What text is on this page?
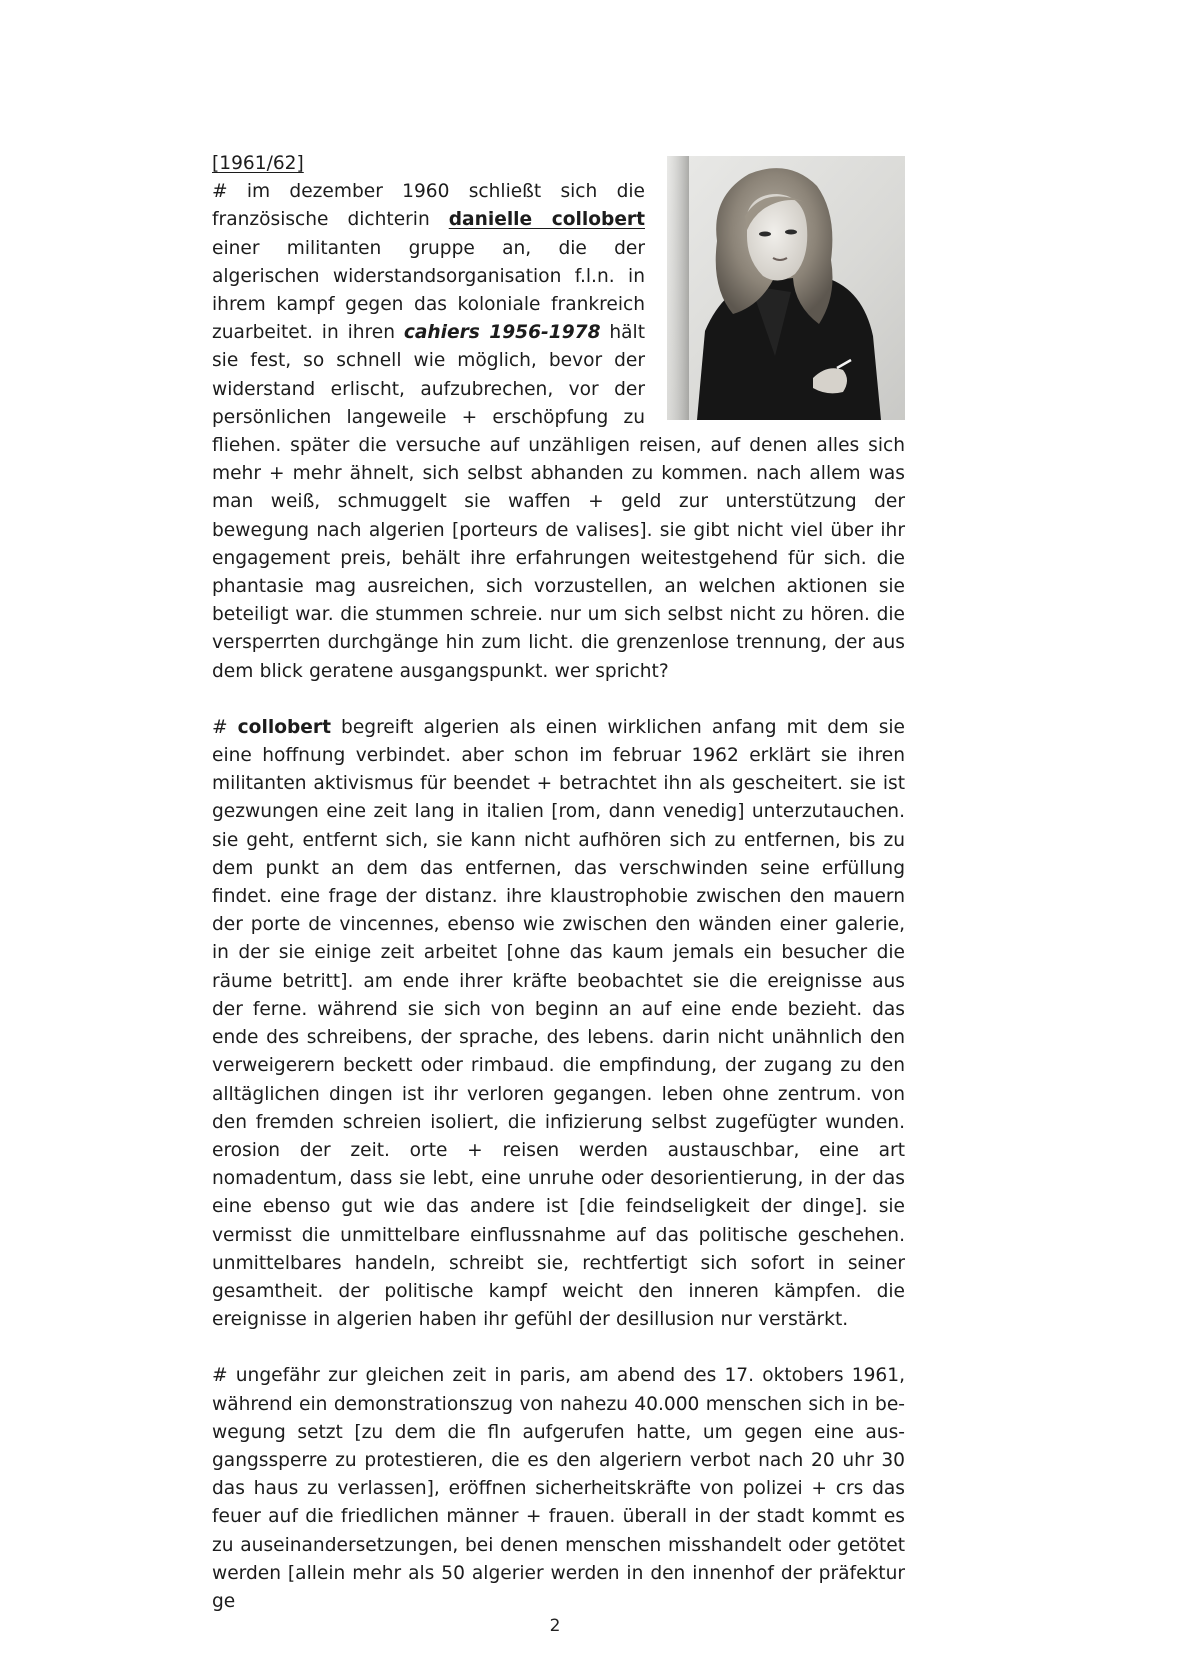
[1961/62]

# im dezember 1960 schließt sich die französische dichterin danielle collobert einer militanten gruppe an, die der algerischen widerstandsorganisation f.l.n. in ihrem kampf gegen das koloniale frankreich zuarbeitet. in ihren cahiers 1956-1978 hält sie fest, so schnell wie möglich, bevor der widerstand erlischt, aufzubrechen, vor der persönlichen langeweile + erschöpfung zu fliehen. später die versuche auf unzähligen reisen, auf denen alles sich mehr + mehr ähnelt, sich selbst abhanden zu kommen. nach allem was man weiß, schmuggelt sie waffen + geld zur unterstützung der bewegung nach algerien [porteurs de valises]. sie gibt nicht viel über ihr engagement preis, behält ihre erfahrungen weitestgehend für sich. die phantasie mag ausreichen, sich vorzustellen, an welchen aktionen sie beteiligt war. die stummen schreie. nur um sich selbst nicht zu hören. die versperrten durchgänge hin zum licht. die grenzenlose trennung, der aus dem blick geratene ausgangspunkt. wer spricht?

# collobert begreift algerien als einen wirklichen anfang mit dem sie eine hoffnung verbindet. aber schon im februar 1962 erklärt sie ihren militanten aktivismus für beendet + betrachtet ihn als gescheitert. sie ist gezwungen eine zeit lang in italien [rom, dann venedig] unterzutauchen. sie geht, entfernt sich, sie kann nicht aufhören sich zu entfernen, bis zu dem punkt an dem das entfernen, das verschwinden seine erfüllung findet. eine frage der distanz. ihre klaustrophobie zwischen den mauern der porte de vincennes, ebenso wie zwischen den wänden einer galerie, in der sie einige zeit arbeitet [ohne das kaum jemals ein besucher die räume betritt]. am ende ihrer kräfte beobachtet sie die ereignisse aus der ferne. während sie sich von beginn an auf eine ende bezieht. das ende des schreibens, der sprache, des lebens. darin nicht unähnlich den verweigerern beckett oder rimbaud. die empfindung, der zugang zu den alltäglichen dingen ist ihr verloren gegangen. leben ohne zentrum. von den fremden schreien isoliert, die infizierung selbst zugefügter wunden. erosion der zeit. orte + reisen werden austauschbar, eine art nomadentum, dass sie lebt, eine unruhe oder desorientierung, in der das eine ebenso gut wie das andere ist [die feindseligkeit der dinge]. sie vermisst die unmittelbare einflussnahme auf das politische geschehen. unmittelbares handeln, schreibt sie, rechtfertigt sich sofort in seiner gesamtheit. der politische kampf weicht den inneren kämpfen. die ereignisse in algerien haben ihr gefühl der desillusion nur verstärkt.

# ungefähr zur gleichen zeit in paris, am abend des 17. oktobers 1961, während ein demonstrationszug von nahezu 40.000 menschen sich in bewegung setzt [zu dem die fln aufgerufen hatte, um gegen eine ausgangssperre zu protestieren, die es den algeriern verbot nach 20 uhr 30 das haus zu verlassen], eröffnen sicherheitskräfte von polizei + crs das feuer auf die friedlichen männer + frauen. überall in der stadt kommt es zu auseinandersetzungen, bei denen menschen misshandelt oder getötet werden [allein mehr als 50 algerier werden in den innenhof der präfektur ge

2
